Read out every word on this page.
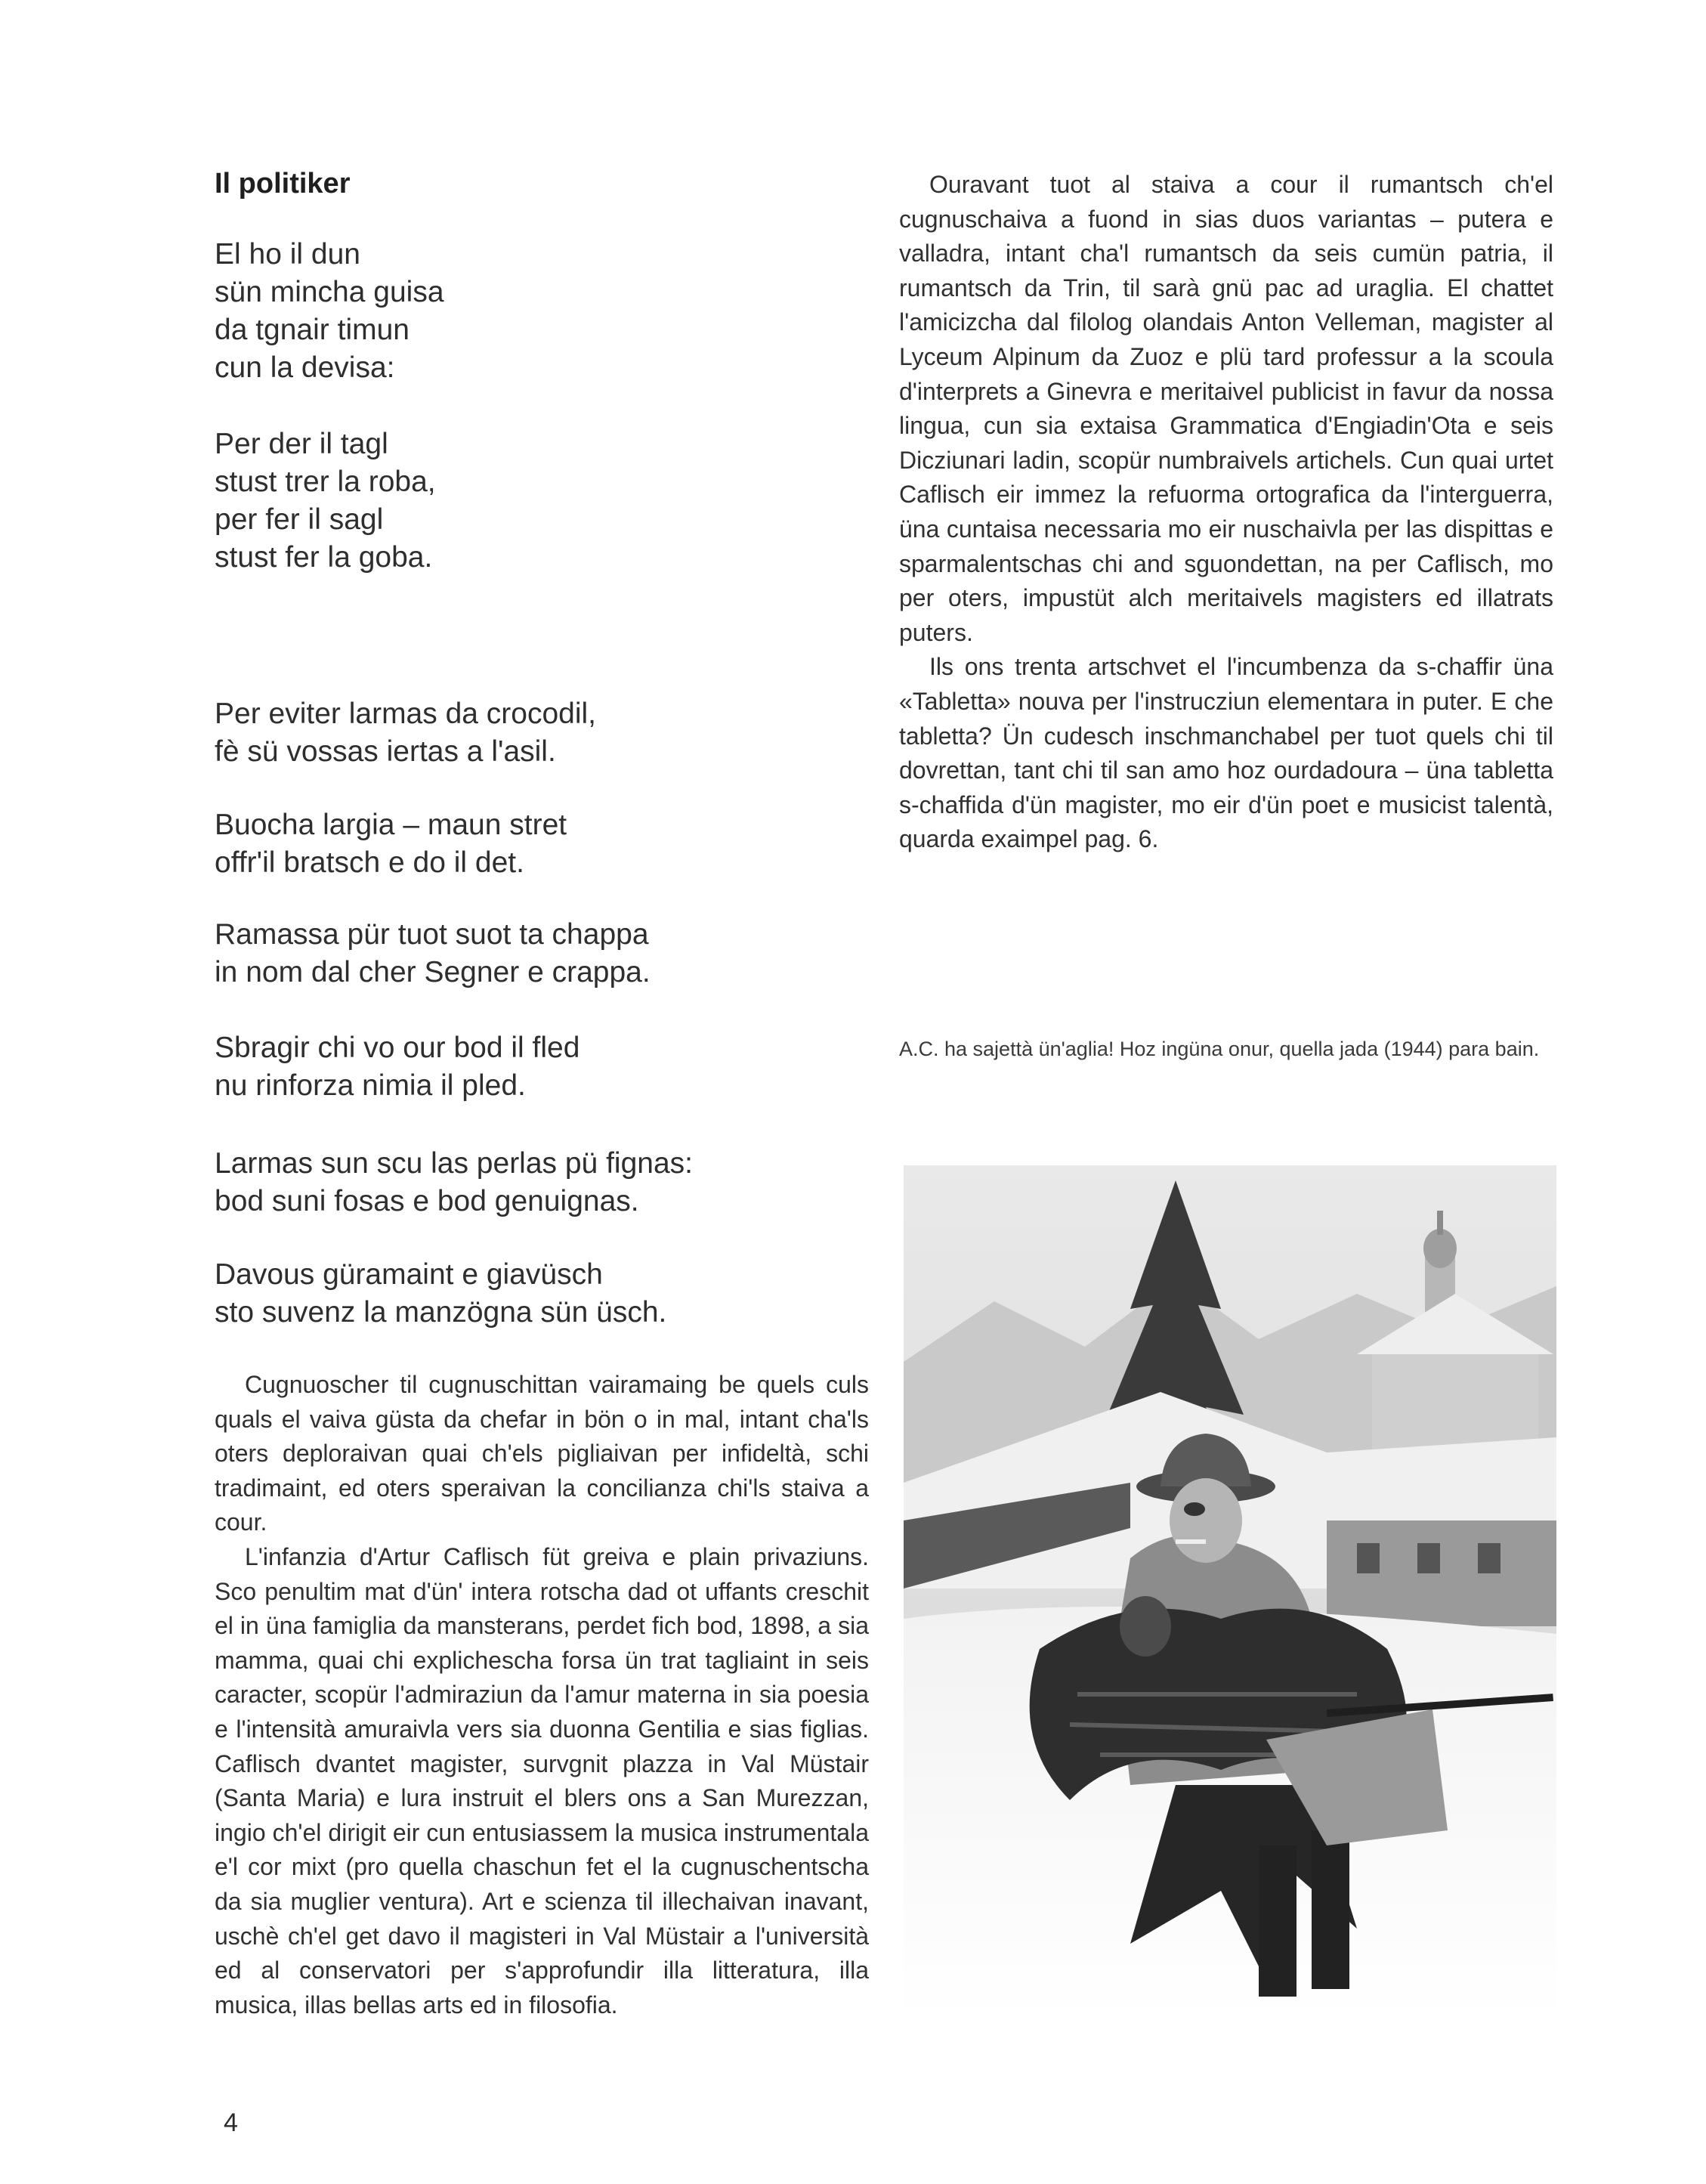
Il politiker
El ho il dun
sün mincha guisa
da tgnair timun
cun la devisa:
Per der il tagl
stust trer la roba,
per fer il sagl
stust fer la goba.
Per eviter larmas da crocodil,
fè sü vossas iertas a l'asil.
Buocha largia – maun stret
offr'il bratsch e do il det.
Ramassa pür tuot suot ta chappa
in nom dal cher Segner e crappa.
Sbragir chi vo our bod il fled
nu rinforza nimia il pled.
Larmas sun scu las perlas pü fignas:
bod suni fosas e bod genuignas.
Davous güramaint e giavüsch
sto suvenz la manzögna sün üsch.

Cugnuoscher til cugnuschittan vairamaing be quels culs quals el vaiva güsta da chefar in bön o in mal, intant cha'ls oters deploraivan quai ch'els pigliaivan per infideltà, schi tradimaint, ed oters speraivan la concilianza chi'ls staiva a cour.

L'infanzia d'Artur Caflisch füt greiva e plain privaziuns. Sco penultim mat d'ün' intera rotscha dad ot uffants creschit el in üna famiglia da mansterans, perdet fich bod, 1898, a sia mamma, quai chi explichescha forsa ün trat tagliaint in seis caracter, scopür l'admiraziun da l'amur materna in sia poesia e l'intensità amuraivla vers sia duonna Gentilia e sias figlias. Caflisch dvantet magister, survgnit plazza in Val Müstair (Santa Maria) e lura instruit el blers ons a San Murezzan, ingio ch'el dirigit eir cun entusiassem la musica instrumentala e'l cor mixt (pro quella chaschun fet el la cugnuschentscha da sia muglier ventura). Art e scienza til illechaivan inavant, uschè ch'el get davo il magisteri in Val Müstair a l'università ed al conservatori per s'approfundir illa litteratura, illa musica, illas bellas arts ed in filosofia.

Ouravant tuot al staiva a cour il rumantsch ch'el cugnuschaiva a fuond in sias duos variantas – putera e valladra, intant cha'l rumantsch da seis cumün patria, il rumantsch da Trin, til sarà gnü pac ad uraglia. El chattet l'amicizcha dal filolog olandais Anton Velleman, magister al Lyceum Alpinum da Zuoz e plü tard professur a la scoula d'interprets a Ginevra e meritaivel publicist in favur da nossa lingua, cun sia extaisa Grammatica d'Engiadin'Ota e seis Dicziunari ladin, scopür numbraivels artichels. Cun quai urtet Caflisch eir immez la refuorma ortografica da l'interguerra, üna cuntaisa necessaria mo eir nuschaivla per las dispittas e sparmalentschas chi and sguondettan, na per Caflisch, mo per oters, impustüt alch meritaivels magisters ed illatrats puters.

Ils ons trenta artschvet el l'incumbenza da s-chaffir üna «Tabletta» nouva per l'instrucziun elementara in puter. E che tabletta? Ün cudesch inschmanchabel per tuot quels chi til dovrettan, tant chi til san amo hoz ourdadoura – üna tabletta s-chaffida d'ün magister, mo eir d'ün poet e musicist talentà, quarda exaimpel pag. 6.

A.C. ha sajettà ün'aglia! Hoz ingüna onur, quella jada (1944) para bain.

4
